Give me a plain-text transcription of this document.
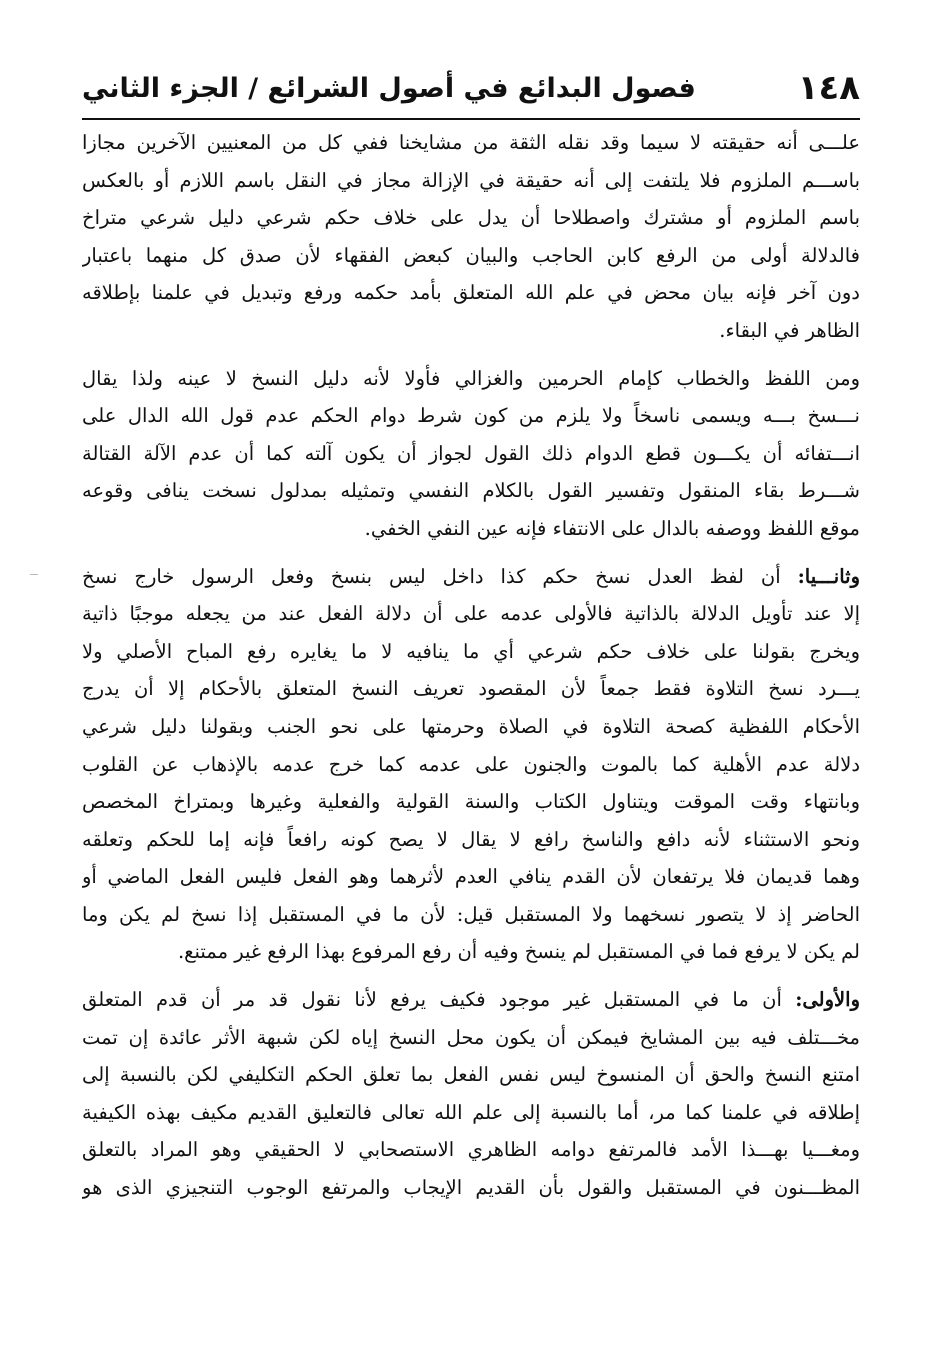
١٤٨
فصول البدائع في أصول الشرائع / الجزء الثاني

علـــى أنه حقيقته لا سيما وقد نقله الثقة من مشايخنا ففي كل من المعنيين الآخرين مجازا
باســـم الملزوم فلا يلتفت إلى أنه حقيقة في الإزالة مجاز في النقل باسم اللازم أو بالعكس
باسم الملزوم أو مشترك واصطلاحا أن يدل على خلاف حكم شرعي دليل شرعي متراخ
فالدلالة أولى من الرفع كابن الحاجب والبيان كبعض الفقهاء لأن صدق كل منهما باعتبار
دون آخر فإنه بيان محض في علم الله المتعلق بأمد حكمه ورفع وتبديل في علمنا بإطلاقه
الظاهر في البقاء.

ومن اللفظ والخطاب كإمام الحرمين والغزالي فأولا لأنه دليل النسخ لا عينه ولذا يقال
نـــسخ بـــه ويسمى ناسخاً ولا يلزم من كون شرط دوام الحكم عدم قول الله الدال على
انـــتفائه أن يكـــون قطع الدوام ذلك القول لجواز أن يكون آلته كما أن عدم الآلة القتالة
شـــرط بقاء المنقول وتفسير القول بالكلام النفسي وتمثيله بمدلول نسخت ينافى وقوعه
موقع اللفظ ووصفه بالدال على الانتفاء فإنه عين النفي الخفي.

وثانـــيا: أن لفظ العدل نسخ حكم كذا داخل ليس بنسخ وفعل الرسول خارج نسخ
إلا عند تأويل الدلالة بالذاتية فالأولى عدمه على أن دلالة الفعل عند من يجعله موجبًا ذاتية
ويخرج بقولنا على خلاف حكم شرعي أي ما ينافيه لا ما يغايره رفع المباح الأصلي ولا
يـــرد نسخ التلاوة فقط جمعاً لأن المقصود تعريف النسخ المتعلق بالأحكام إلا أن يدرج
الأحكام اللفظية كصحة التلاوة في الصلاة وحرمتها على نحو الجنب وبقولنا دليل شرعي
دلالة عدم الأهلية كما بالموت والجنون على عدمه كما خرج عدمه بالإذهاب عن القلوب
وبانتهاء وقت الموقت ويتناول الكتاب والسنة القولية والفعلية وغيرها وبمتراخ المخصص
ونحو الاستثناء لأنه دافع والناسخ رافع لا يقال لا يصح كونه رافعاً فإنه إما للحكم وتعلقه
وهما قديمان فلا يرتفعان لأن القدم ينافي العدم لأثرهما وهو الفعل فليس الفعل الماضي أو
الحاضر إذ لا يتصور نسخهما ولا المستقبل قيل: لأن ما في المستقبل إذا نسخ لم يكن وما
لم يكن لا يرفع فما في المستقبل لم ينسخ وفيه أن رفع المرفوع بهذا الرفع غير ممتنع.

والأولى: أن ما في المستقبل غير موجود فكيف يرفع لأنا نقول قد مر أن قدم المتعلق
مخـــتلف فيه بين المشايخ فيمكن أن يكون محل النسخ إياه لكن شبهة الأثر عائدة إن تمت
امتنع النسخ والحق أن المنسوخ ليس نفس الفعل بما تعلق الحكم التكليفي لكن بالنسبة إلى
إطلاقه في علمنا كما مر، أما بالنسبة إلى علم الله تعالى فالتعليق القديم مكيف بهذه الكيفية
ومغـــيا بهـــذا الأمد فالمرتفع دوامه الظاهري الاستصحابي لا الحقيقي وهو المراد بالتعلق
المظـــنون في المستقبل والقول بأن القديم الإيجاب والمرتفع الوجوب التنجيزي الذى هو
